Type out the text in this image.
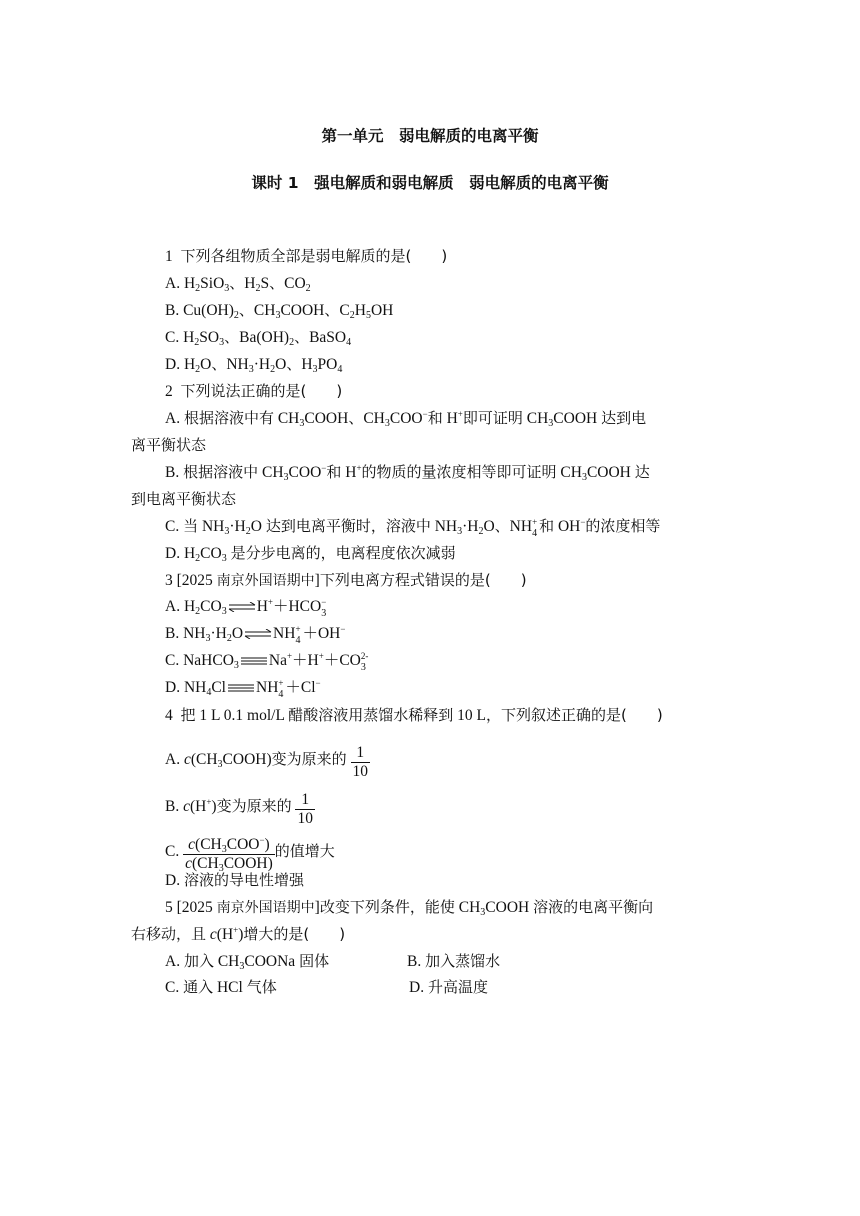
第一单元　弱电解质的电离平衡
课时 1　强电解质和弱电解质　弱电解质的电离平衡
1  下列各组物质全部是弱电解质的是(　　)
A. $H_2SiO_3$、$H_2S$、$CO_2$
B. $Cu(OH)_2$、$CH_3COOH$、$C_2H_5OH$
C. $H_2SO_3$、$Ba(OH)_2$、BaSO$_4$
D. $H_2O$、$NH_3\cdot H_2O$、$H_3PO_4$
2  下列说法正确的是(　　)
A. 根据溶液中有 $CH_3COOH$、$CH_3COO^-$和 H+即可证明 $CH_3COOH$ 达到电
离平衡状态
B. 根据溶液中 $CH_3COO^-$和 H+的物质的量浓度相等即可证明 $CH_3COOH$ 达
到电离平衡状态
C. 当 $NH_3\cdot H_2O$ 达到电离平衡时，溶液中 $NH_3\cdot H_2O$、NH +
4 和 OH−的浓度相等
D. $H_2CO_3$ 是分步电离的，电离程度依次减弱
3 [2025 南京外国语期中]下列电离方程式错误的是(　　)
A. $H_2CO_3\rightleftharpoons H^++HCO$ −
3
B. $NH_3\cdot H_2O\rightleftharpoons NH$ +
4 ＋OH−
C. NaHCO$_3$ Na+＋H+＋CO 2-
3
D. $NH_4Cl$ NH +
4 ＋Cl−
4  把 1 L 0.1 mol/L 醋酸溶液用蒸馏水稀释到 10 L，下列叙述正确的是(　　)
A. $c(CH_3COOH)$变为原来的 $\frac{1}{10}$
B. c(H+)变为原来的 $\frac{1}{10}$
C. $\frac{c(CH_3COO^-)}{c(CH_3COOH)}$ 的值增大
D. 溶液的导电性增强
5 [2025 南京外国语期中]改变下列条件，能使 $CH_3COOH$ 溶液的电离平衡向
右移动，且 c(H+)增大的是(　　)
A. 加入 $CH_3COONa$ 固体	B. 加入蒸馏水
C. 通入 HCl 气体	D. 升高温度
